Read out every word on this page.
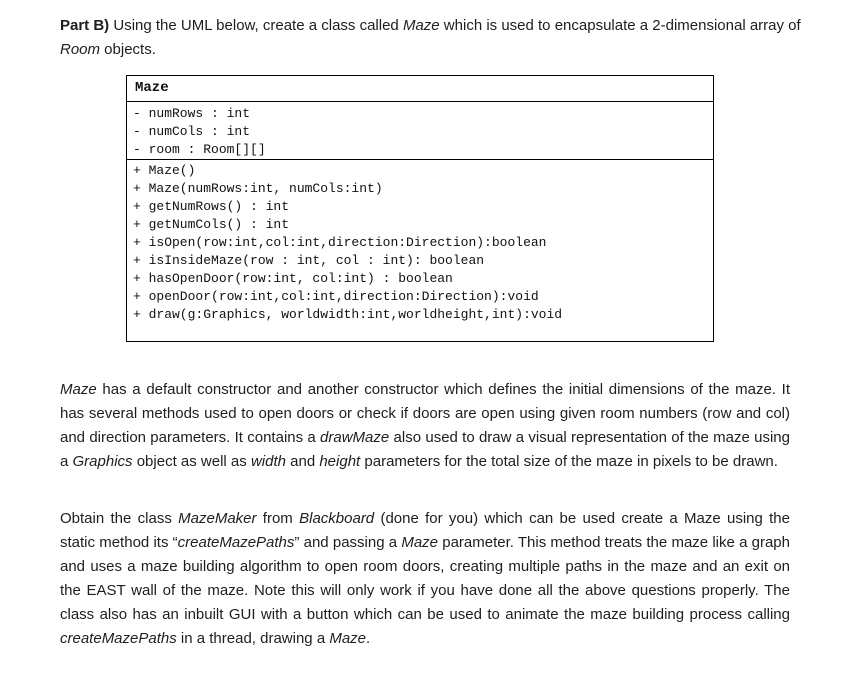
Part B) Using the UML below, create a class called Maze which is used to encapsulate a 2-dimensional array of Room objects.
Maze
- numRows : int
- numCols : int
- room : Room[][]
+ Maze()
+ Maze(numRows:int, numCols:int)
+ getNumRows() : int
+ getNumCols() : int
+ isOpen(row:int,col:int,direction:Direction):boolean
+ isInsideMaze(row : int, col : int): boolean
+ hasOpenDoor(row:int, col:int) : boolean
+ openDoor(row:int,col:int,direction:Direction):void
+ draw(g:Graphics, worldwidth:int,worldheight,int):void
Maze has a default constructor and another constructor which defines the initial dimensions of the maze. It has several methods used to open doors or check if doors are open using given room numbers (row and col) and direction parameters. It contains a drawMaze also used to draw a visual representation of the maze using a Graphics object as well as width and height parameters for the total size of the maze in pixels to be drawn.
Obtain the class MazeMaker from Blackboard (done for you) which can be used create a Maze using the static method its “createMazePaths” and passing a Maze parameter. This method treats the maze like a graph and uses a maze building algorithm to open room doors, creating multiple paths in the maze and an exit on the EAST wall of the maze. Note this will only work if you have done all the above questions properly. The class also has an inbuilt GUI with a button which can be used to animate the maze building process calling createMazePaths in a thread, drawing a Maze.
